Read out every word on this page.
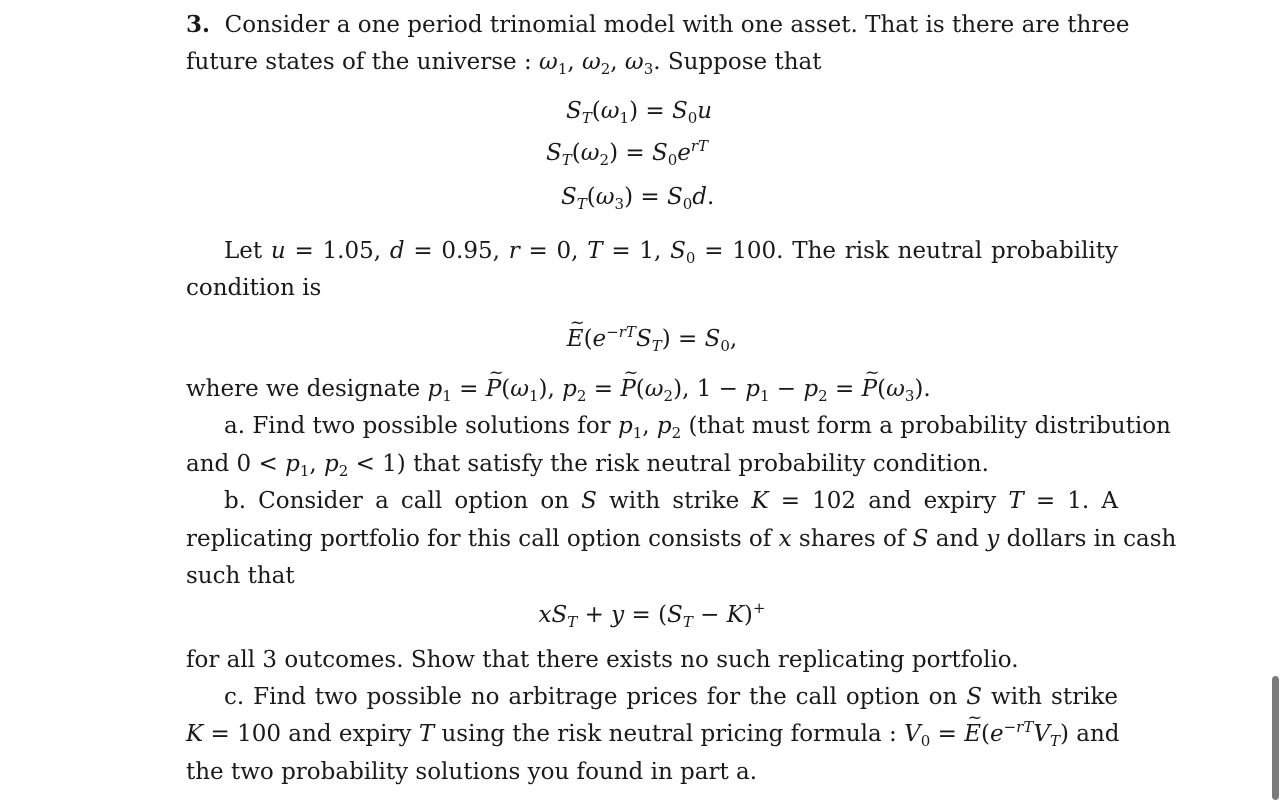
3.  Consider a one period trinomial model with one asset. That is there are three
future states of the universe : $\omega_1$, $\omega_2$, $\omega_3$. Suppose that
$S_T(\omega_1) = S_0u$
$S_T(\omega_2) = S_0e^{rT}$
$S_T(\omega_3) = S_0d$.
Let u = 1.05, d = 0.95, r = 0, T = 1, $S_0 = 100$. The risk neutral probability
condition is
~ $E(e^{-rT}S_T) = S_0$,
where we designate $p_1$ = ~ $P(\omega_1)$, $p_2$ = ~ $P(\omega_2)$, $1 - p_1 - p_2$ = ~ $P(\omega_3)$.
a. Find two possible solutions for $p_1$, $p_2$ (that must form a probability distribution
and $0 < p_1$, $p_2 < 1$) that satisfy the risk neutral probability condition.
b. Consider a call option on S with strike K = 102 and expiry T = 1. A
replicating portfolio for this call option consists of x shares of S and y dollars in cash
such that
$xS_T + y = (S_T - K)^+$
for all 3 outcomes. Show that there exists no such replicating portfolio.
c. Find two possible no arbitrage prices for the call option on S with strike
K = 100 and expiry T using the risk neutral pricing formula : $V_0$ = ~ $E(e^{-rT}V_T)$ and
the two probability solutions you found in part a.
